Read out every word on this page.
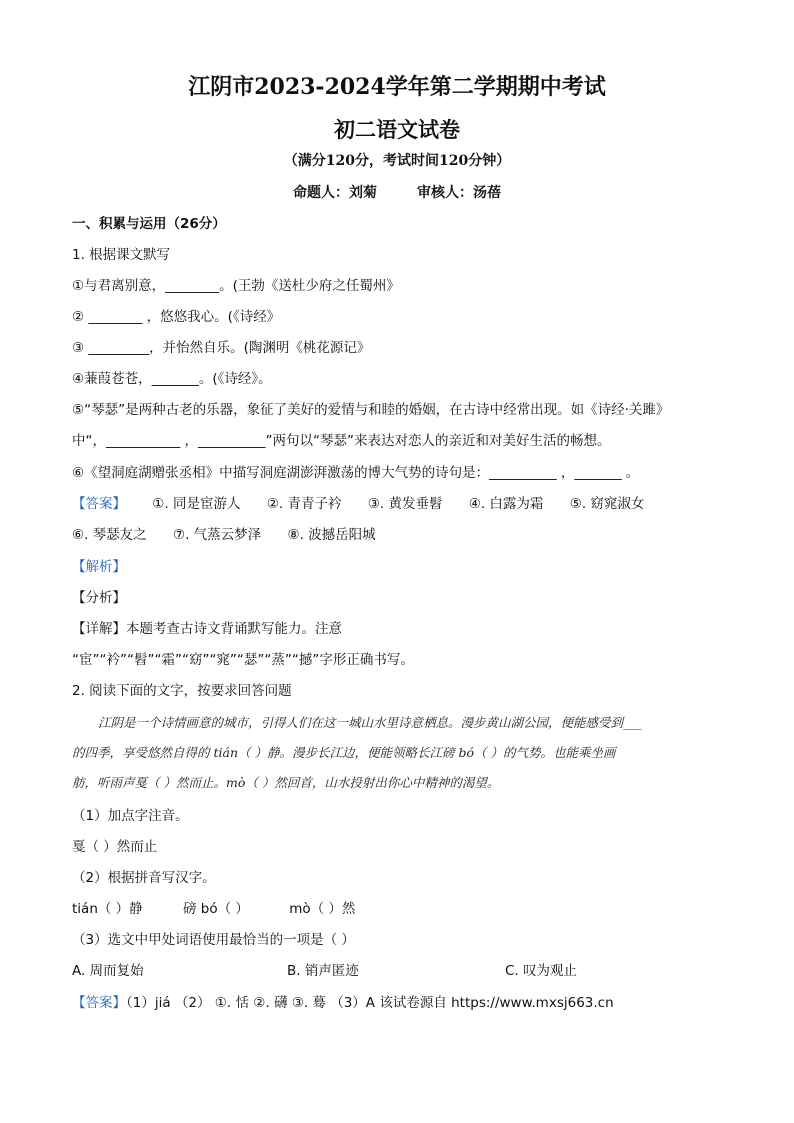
江阴市2023-2024学年第二学期期中考试
初二语文试卷
（满分120分，考试时间120分钟）
命题人：刘菊	审核人：汤蓓
一、积累与运用（26分）
1. 根据课文默写
①与君离别意，________。(王勃《送杜少府之任蜀州》
② ________ ，悠悠我心。(《诗经》
③ _________，并怡然自乐。(陶渊明《桃花源记》
④蒹葭苍苍，_______。(《诗经》。
⑤“琴瑟”是两种古老的乐器，象征了美好的爱情与和睦的婚姻，在古诗中经常出现。如《诗经·关雎》
中“，___________ ，__________”两句以“琴瑟”来表达对恋人的亲近和对美好生活的畅想。
⑥《望洞庭湖赠张丞相》中描写洞庭湖澎湃激荡的博大气势的诗句是：__________ ，_______ 。
【答案】 ①. 同是宦游人 ②. 青青子衿 ③. 黄发垂髫 ④. 白露为霜 ⑤. 窈窕淑女
⑥. 琴瑟友之 ⑦. 气蒸云梦泽 ⑧. 波撼岳阳城
【解析】
【分析】
【详解】本题考查古诗文背诵默写能力。注意
“宦”“衿”“髫”“霜”“窈”“窕”“瑟”“蒸”“撼”字形正确书写。
2. 阅读下面的文字，按要求回答问题
江阴是一个诗情画意的城市，引得人们在这一城山水里诗意栖息。漫步黄山湖公园，便能感受到___
的四季，享受悠然自得的 tián（ ）静。漫步长江边，便能领略长江磅 bó（ ）的气势。也能乘坐画
舫，听雨声戛（ ）然而止。mò（ ）然回首，山水投射出你心中精神的渴望。
（1）加点字注音。
戛（ ）然而止
（2）根据拼音写汉字。
tián（ ）静	磅 bó（ ）	mò（ ）然
（3）选文中甲处词语使用最恰当的一项是（ ）
A. 周而复始	B. 销声匿迹	C. 叹为观止
【答案】（1）jiá （2） ①. 恬 ②. 礴 ③. 蓦 （3）A 该试卷源自 https://www.mxsj663.cn
